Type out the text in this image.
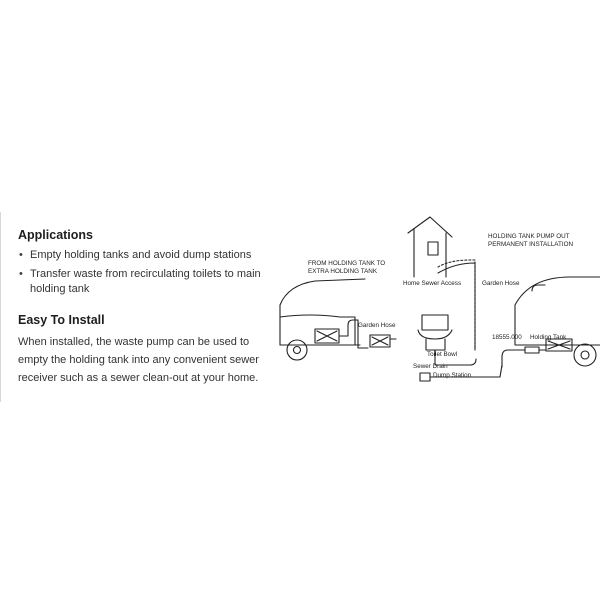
Applications
• Empty holding tanks and avoid dump stations
• Transfer waste from recirculating toilets to main holding tank
Easy To Install

When installed, the waste pump can be used to empty the holding tank into any convenient sewer receiver such as a sewer clean-out at your home.

FROM HOLDING TANK TO
EXTRA HOLDING TANK
Garden Hose
Home Sewer Access	Garden Hose
Toilet Bowl
Sewer Drain
Dump Station
HOLDING TANK PUMP OUT
PERMANENT INSTALLATION
18555.000 Holding Tank
